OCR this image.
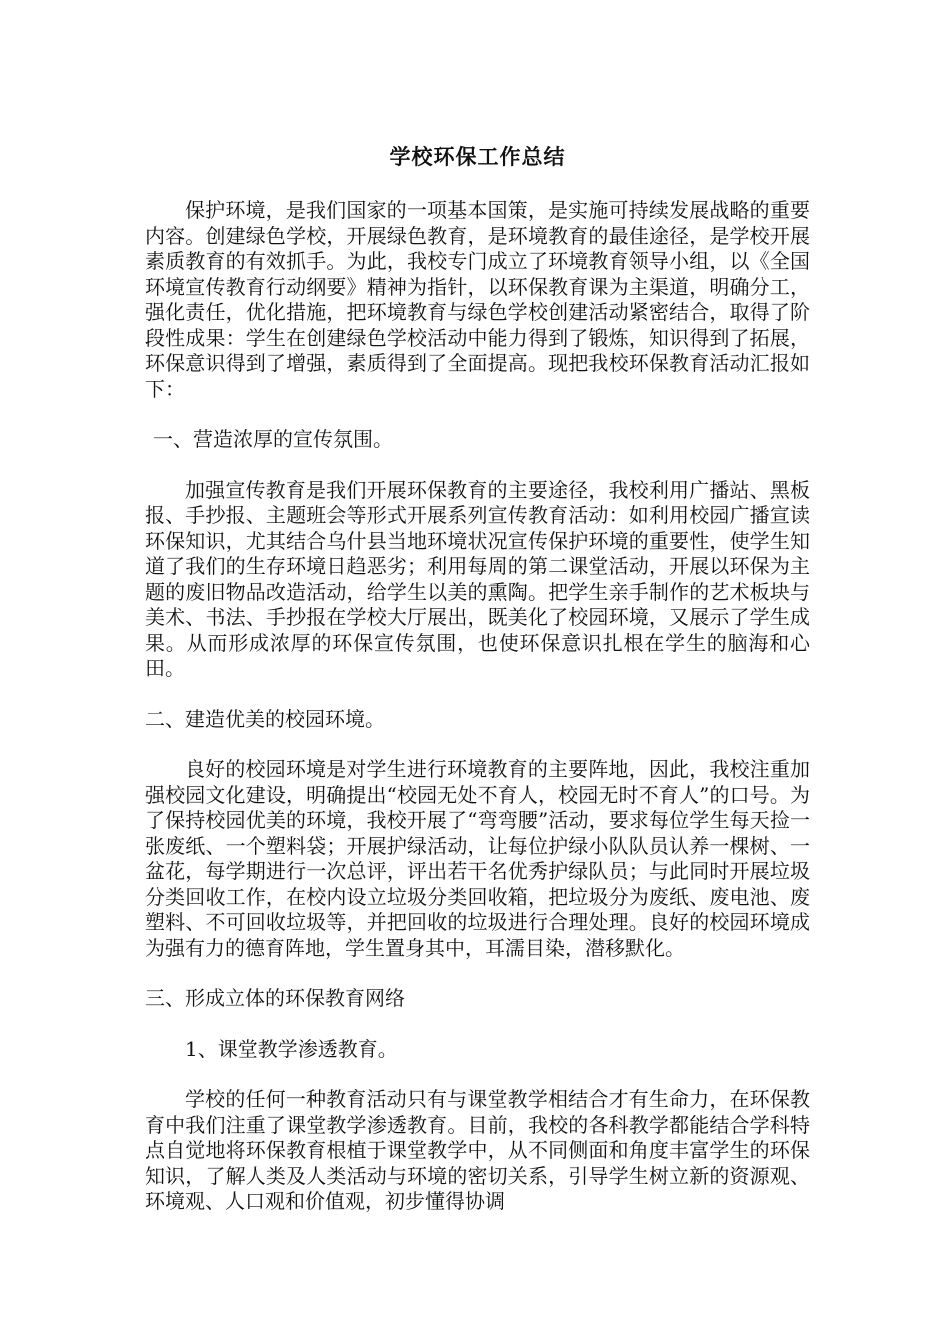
学校环保工作总结

保护环境，是我们国家的一项基本国策，是实施可持续发展战略的重要内容。创建绿色学校，开展绿色教育，是环境教育的最佳途径，是学校开展素质教育的有效抓手。为此，我校专门成立了环境教育领导小组，以《全国环境宣传教育行动纲要》精神为指针，以环保教育课为主渠道，明确分工，强化责任，优化措施，把环境教育与绿色学校创建活动紧密结合，取得了阶段性成果：学生在创建绿色学校活动中能力得到了锻炼，知识得到了拓展，环保意识得到了增强，素质得到了全面提高。现把我校环保教育活动汇报如下：

一、营造浓厚的宣传氛围。

加强宣传教育是我们开展环保教育的主要途径，我校利用广播站、黑板报、手抄报、主题班会等形式开展系列宣传教育活动：如利用校园广播宣读环保知识，尤其结合乌什县当地环境状况宣传保护环境的重要性，使学生知道了我们的生存环境日趋恶劣；利用每周的第二课堂活动，开展以环保为主题的废旧物品改造活动，给学生以美的熏陶。把学生亲手制作的艺术板块与美术、书法、手抄报在学校大厅展出，既美化了校园环境，又展示了学生成果。从而形成浓厚的环保宣传氛围，也使环保意识扎根在学生的脑海和心田。

二、建造优美的校园环境。

良好的校园环境是对学生进行环境教育的主要阵地，因此，我校注重加强校园文化建设，明确提出“校园无处不育人，校园无时不育人”的口号。为了保持校园优美的环境，我校开展了“弯弯腰”活动，要求每位学生每天捡一张废纸、一个塑料袋；开展护绿活动，让每位护绿小队队员认养一棵树、一盆花，每学期进行一次总评，评出若干名优秀护绿队员；与此同时开展垃圾分类回收工作，在校内设立垃圾分类回收箱，把垃圾分为废纸、废电池、废塑料、不可回收垃圾等，并把回收的垃圾进行合理处理。良好的校园环境成为强有力的德育阵地，学生置身其中，耳濡目染，潜移默化。

三、形成立体的环保教育网络

1、课堂教学渗透教育。

学校的任何一种教育活动只有与课堂教学相结合才有生命力，在环保教育中我们注重了课堂教学渗透教育。目前，我校的各科教学都能结合学科特点自觉地将环保教育根植于课堂教学中，从不同侧面和角度丰富学生的环保知识，了解人类及人类活动与环境的密切关系，引导学生树立新的资源观、环境观、人口观和价值观，初步懂得协调
